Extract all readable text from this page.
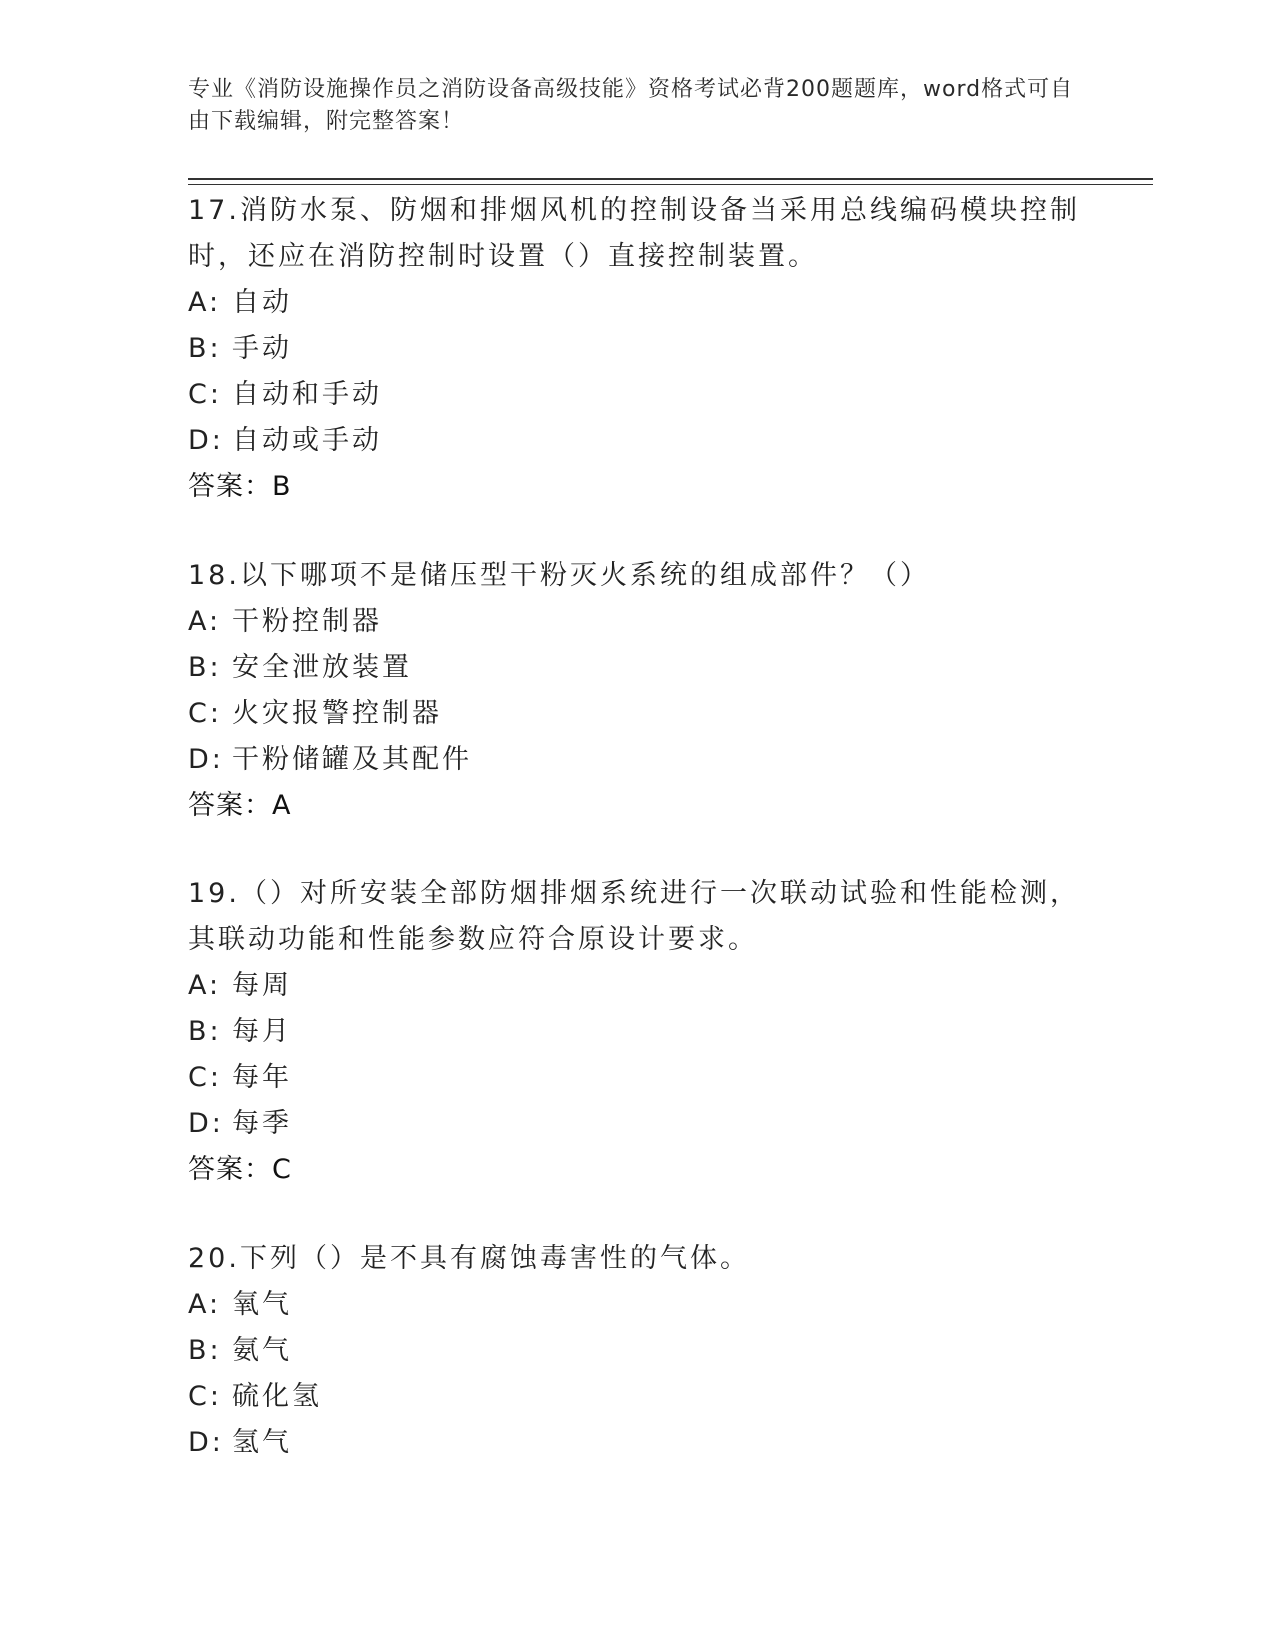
专业《消防设施操作员之消防设备高级技能》资格考试必背200题题库，word格式可自由下载编辑，附完整答案！

17.消防水泵、防烟和排烟风机的控制设备当采用总线编码模块控制时，还应在消防控制时设置（）直接控制装置。

A: 自动

B: 手动

C: 自动和手动

D: 自动或手动

答案：B

18.以下哪项不是储压型干粉灭火系统的组成部件？（）

A: 干粉控制器

B: 安全泄放装置

C: 火灾报警控制器

D: 干粉储罐及其配件

答案：A

19.（）对所安装全部防烟排烟系统进行一次联动试验和性能检测，其联动功能和性能参数应符合原设计要求。

A: 每周

B: 每月

C: 每年

D: 每季

答案：C

20.下列（）是不具有腐蚀毒害性的气体。

A: 氧气

B: 氨气

C: 硫化氢

D: 氢气
